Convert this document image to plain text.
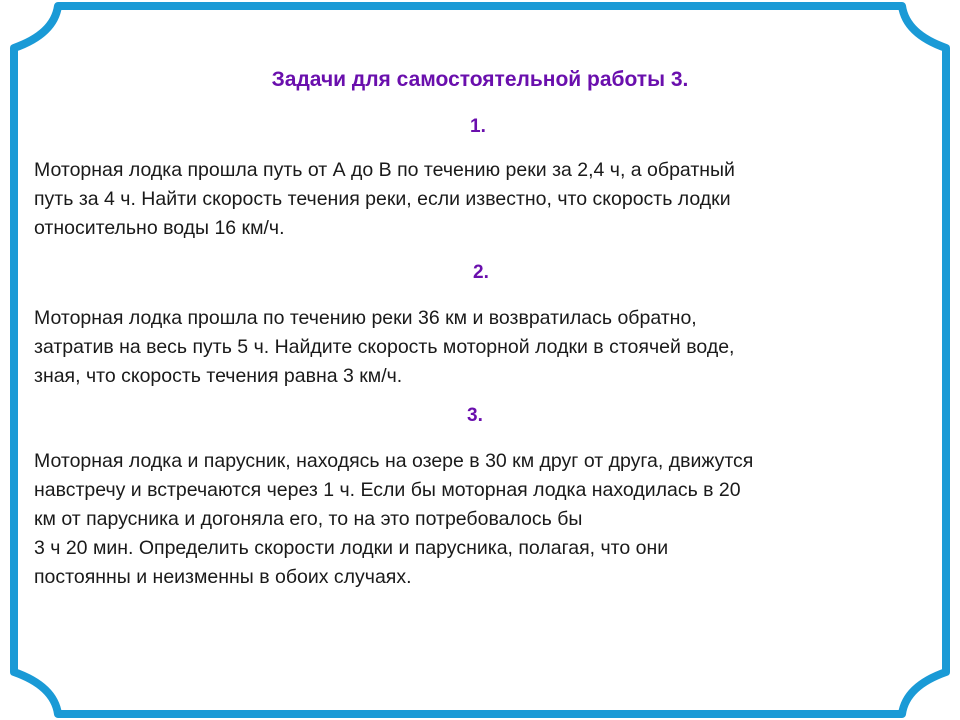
Задачи для самостоятельной работы 3.
1.
Моторная лодка прошла путь от А до В по течению реки за 2,4 ч, а обратный
путь за 4 ч. Найти скорость течения реки, если известно, что скорость лодки
относительно воды 16 км/ч.
2.
Моторная лодка прошла по течению реки 36 км и возвратилась обратно,
затратив на весь путь 5 ч. Найдите скорость моторной лодки в стоячей воде,
зная, что скорость течения равна 3 км/ч.
3.
Моторная лодка и парусник, находясь на озере в 30 км друг от друга, движутся
навстречу и встречаются через 1 ч. Если бы моторная лодка находилась в 20
км от парусника и догоняла его, то на это потребовалось бы
3 ч 20 мин. Определить скорости лодки и парусника, полагая, что они
постоянны и неизменны в обоих случаях.
